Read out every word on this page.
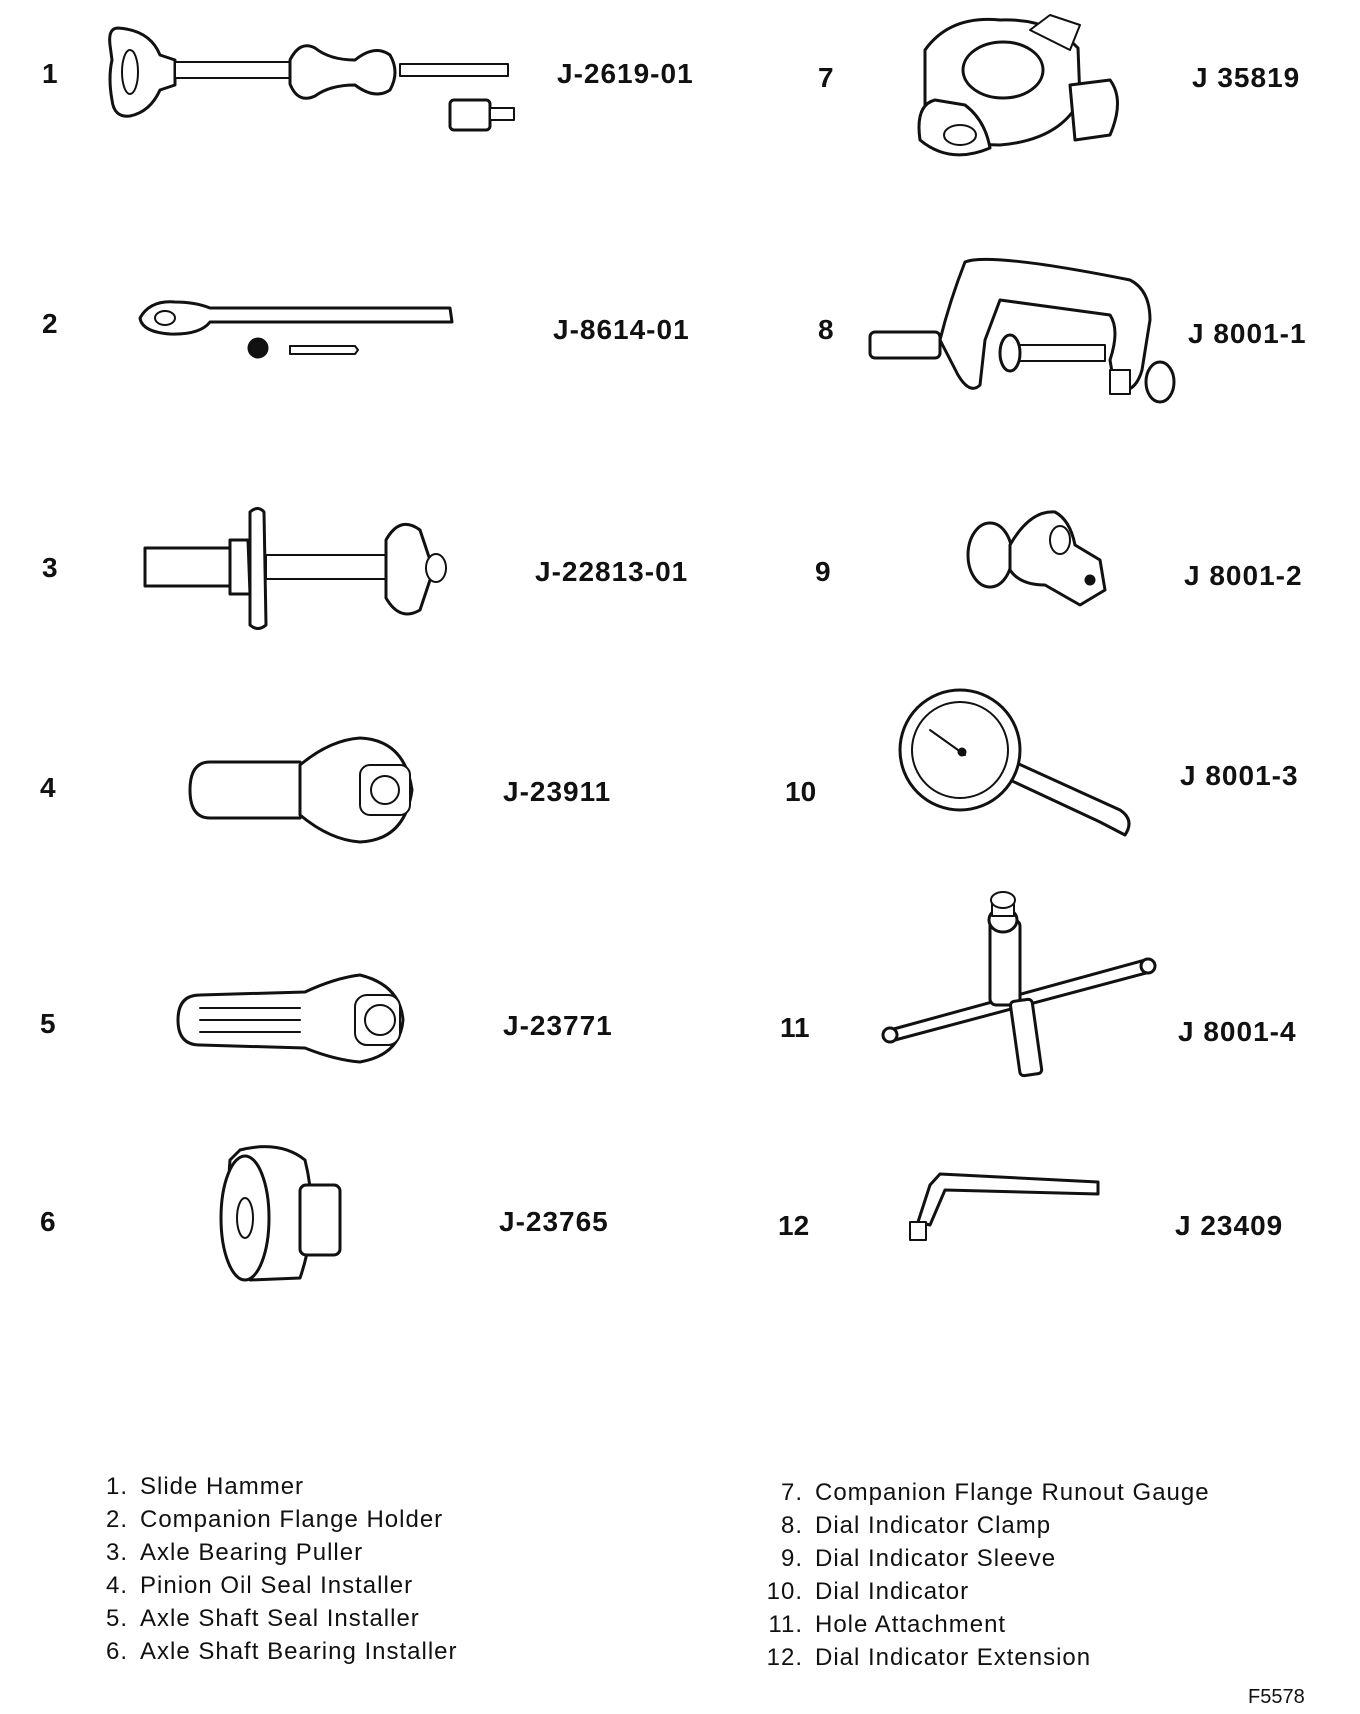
1
2
3
4
5
6
7
8
9
10
11
12
J-2619-01
J-8614-01
J-22813-01
J-23911
J-23771
J-23765
J 35819
J 8001-1
J 8001-2
J 8001-3
J 8001-4
J 23409
1. Slide Hammer
2. Companion Flange Holder
3. Axle Bearing Puller
4. Pinion Oil Seal Installer
5. Axle Shaft Seal Installer
6. Axle Shaft Bearing Installer
7. Companion Flange Runout Gauge
8. Dial Indicator Clamp
9. Dial Indicator Sleeve
10. Dial Indicator
11. Hole Attachment
12. Dial Indicator Extension
F5578
